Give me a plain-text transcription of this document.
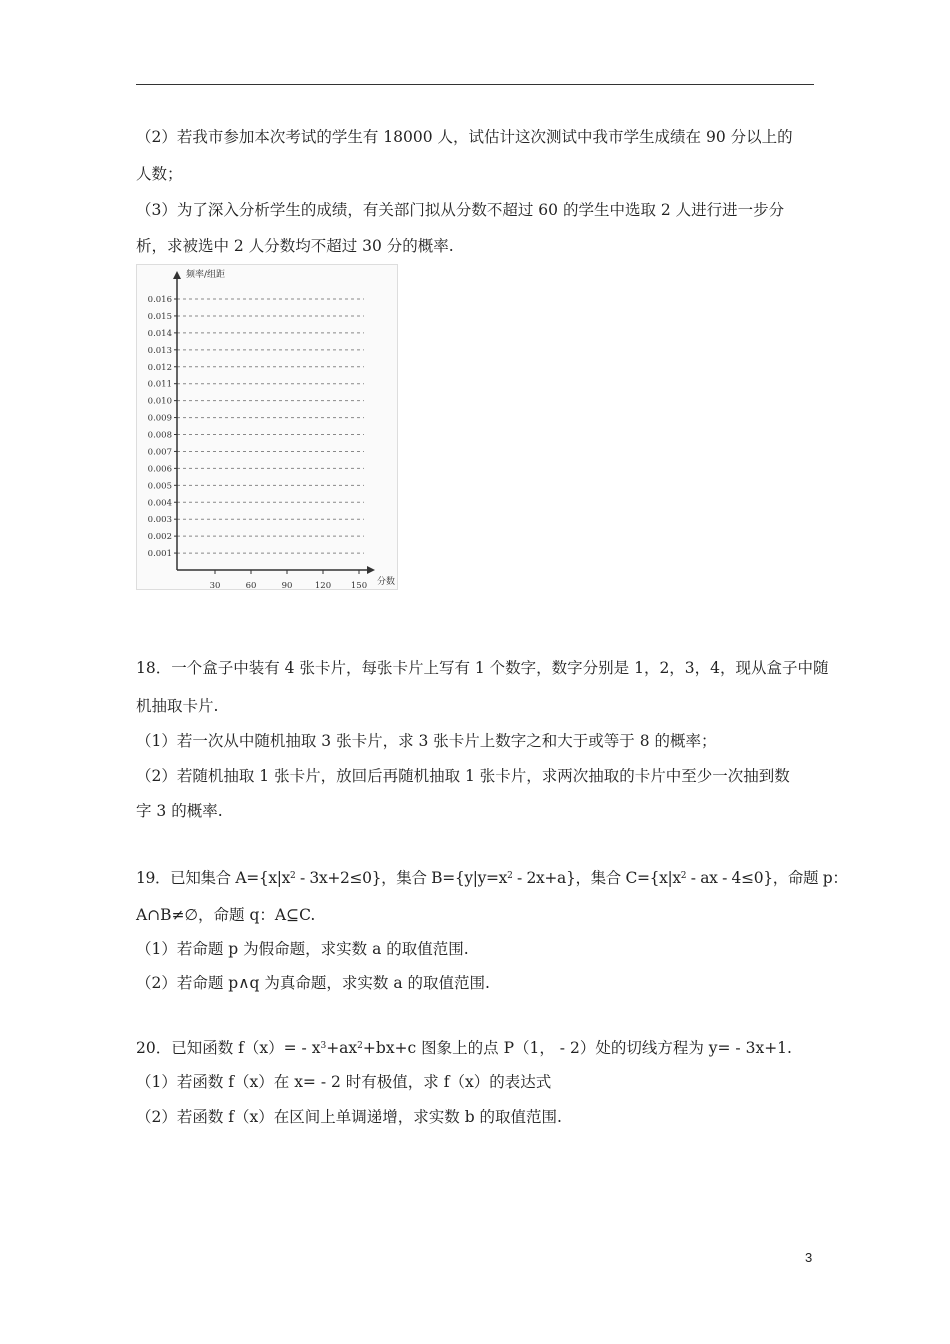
（2）若我市参加本次考试的学生有 18000 人，试估计这次测试中我市学生成绩在 90 分以上的
人数；
（3）为了深入分析学生的成绩，有关部门拟从分数不超过 60 的学生中选取 2 人进行进一步分
析，求被选中 2 人分数均不超过 30 分的概率.
0.001
0.002
0.003
0.004
0.005
0.006
0.007
0.008
0.009
0.010
0.011
0.012
0.013
0.014
0.015
0.016
30	60	90	120 150
频率/组距
分数
18．一个盒子中装有 4 张卡片，每张卡片上写有 1 个数字，数字分别是 1，2，3，4，现从盒子中随
机抽取卡片.
（1）若一次从中随机抽取 3 张卡片，求 3 张卡片上数字之和大于或等于 8 的概率；
（2）若随机抽取 1 张卡片，放回后再随机抽取 1 张卡片，求两次抽取的卡片中至少一次抽到数
字 3 的概率.
19．已知集合 $A=\{x|x^2 - 3x+2\le 0\}$，集合 $B=\{y|y=x^2 - 2x+a\}$，集合 $C=\{x|x^2$ - ax - 4≤0}，命题 p：
A∩B≠∅，命题 q：A⊆C.
（1）若命题 p 为假命题，求实数 a 的取值范围.
（2）若命题 p∧q 为真命题，求实数 a 的取值范围.
20．已知函数 $f(x)= - x^3+ax^2+bx+c$ 图象上的点 P（1， - 2）处的切线方程为 y= - 3x+1.
（1）若函数 f（x）在 x= - 2 时有极值，求 f（x）的表达式
（2）若函数 f（x）在区间上单调递增，求实数 b 的取值范围.
3
